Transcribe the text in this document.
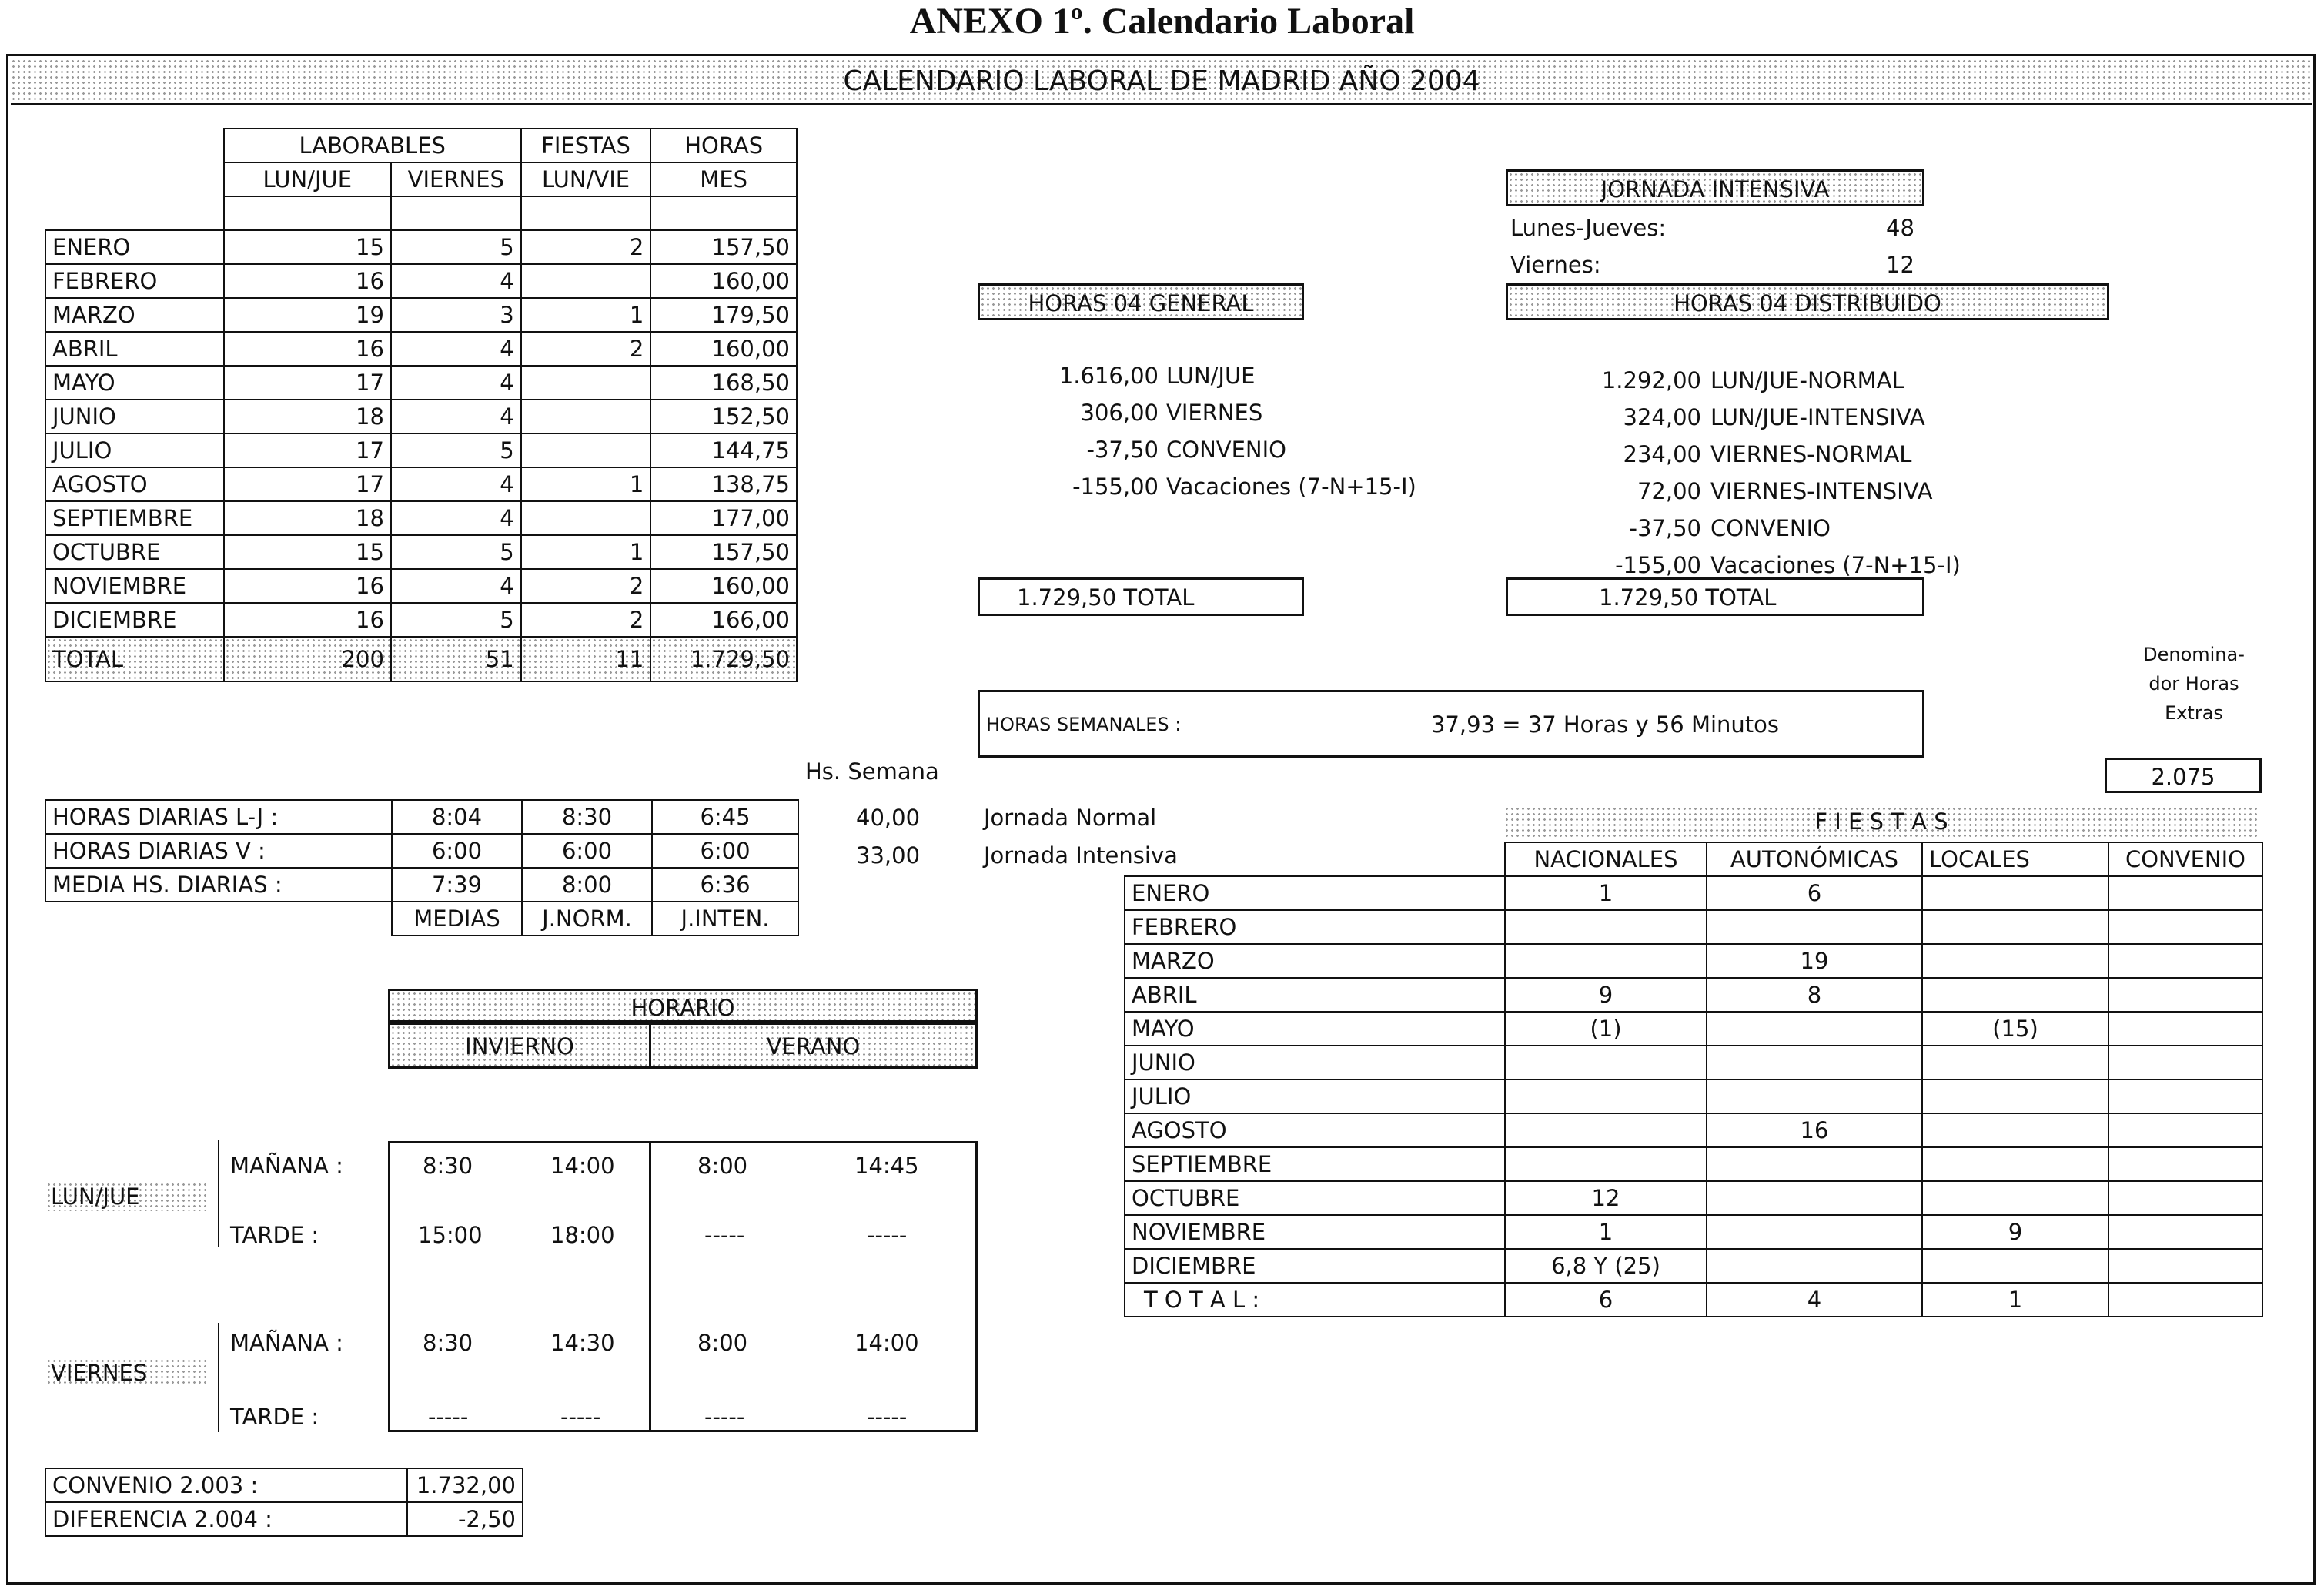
ANEXO 1º. Calendario Laboral
CALENDARIO LABORAL DE MADRID AÑO 2004
	LABORABLES		FIESTAS	HORAS
	LUN/JUE	VIERNES	LUN/VIE	MES

ENERO	15	5	2	157,50
FEBRERO	16	4		160,00
MARZO	19	3	1	179,50
ABRIL	16	4	2	160,00
MAYO	17	4		168,50
JUNIO	18	4		152,50
JULIO	17	5		144,75
AGOSTO	17	4	1	138,75
SEPTIEMBRE	18	4		177,00
OCTUBRE	15	5	1	157,50
NOVIEMBRE	16	4	2	160,00
DICIEMBRE	16	5	2	166,00
TOTAL	200	51	11	1.729,50
Hs. Semana
HORAS DIARIAS L-J :	8:04	8:30	6:45
HORAS DIARIAS V :	6:00	6:00	6:00
MEDIA HS. DIARIAS :	7:39	8:00	6:36
	MEDIAS	J.NORM.	J.INTEN.
40,00
33,00
Jornada Normal
Jornada Intensiva
HORARIO
INVIERNO	VERANO
LUN/JUE
MAÑANA :
TARDE :
8:30	14:00	8:00	14:45
15:00	18:00	-----	-----
VIERNES
MAÑANA :
TARDE :
8:30	14:30	8:00	14:00
-----	-----	-----	-----
CONVENIO 2.003 :	1.732,00
DIFERENCIA 2.004 :	-2,50
JORNADA INTENSIVA
Lunes-Jueves:	48
Viernes:	12
HORAS 04 GENERAL
1.616,00 LUN/JUE
306,00 VIERNES
-37,50 CONVENIO
-155,00 Vacaciones (7-N+15-I)
1.729,50 TOTAL
HORAS 04 DISTRIBUIDO
1.292,00 LUN/JUE-NORMAL
324,00 LUN/JUE-INTENSIVA
234,00 VIERNES-NORMAL
72,00 VIERNES-INTENSIVA
-37,50 CONVENIO
-155,00 Vacaciones (7-N+15-I)
1.729,50 TOTAL
HORAS SEMANALES :	37,93 = 37 Horas y 56 Minutos
Denomina-
dor Horas
Extras
2.075
F I E S T A S
	NACIONALES	AUTONÓMICAS	LOCALES	CONVENIO
ENERO	1	6		
FEBRERO				
MARZO		19		
ABRIL	9	8		
MAYO	(1)		(15)	
JUNIO				
JULIO				
AGOSTO		16		
SEPTIEMBRE				
OCTUBRE	12			
NOVIEMBRE	1		9	
DICIEMBRE	6,8 Y (25)			
T O T A L :	6	4	1	
